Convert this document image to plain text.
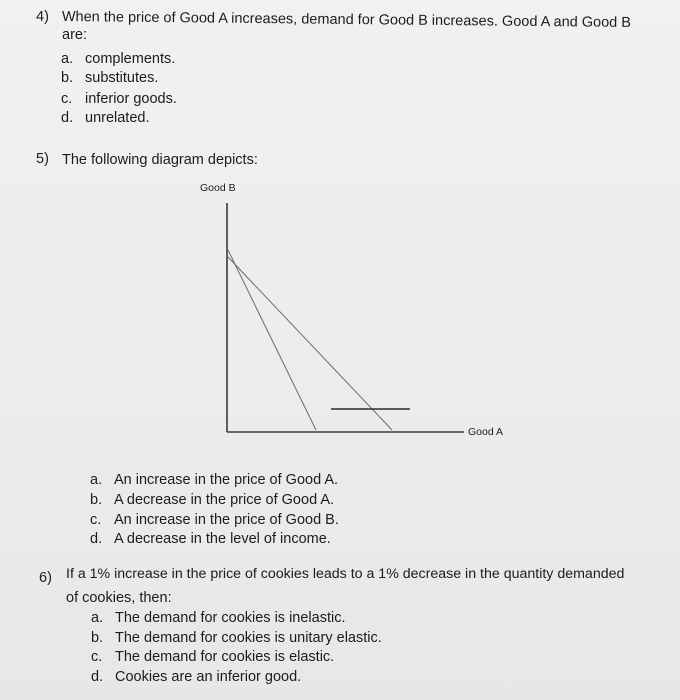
4) When the price of Good A increases, demand for Good B increases. Good A and Good B
are:
a. complements.
b. substitutes.
c. inferior goods.
d. unrelated.
5) The following diagram depicts:
Good B
Good A
a. An increase in the price of Good A.
b. A decrease in the price of Good A.
c. An increase in the price of Good B.
d. A decrease in the level of income.
6) If a 1% increase in the price of cookies leads to a 1% decrease in the quantity demanded
of cookies, then:
a. The demand for cookies is inelastic.
b. The demand for cookies is unitary elastic.
c. The demand for cookies is elastic.
d. Cookies are an inferior good.
